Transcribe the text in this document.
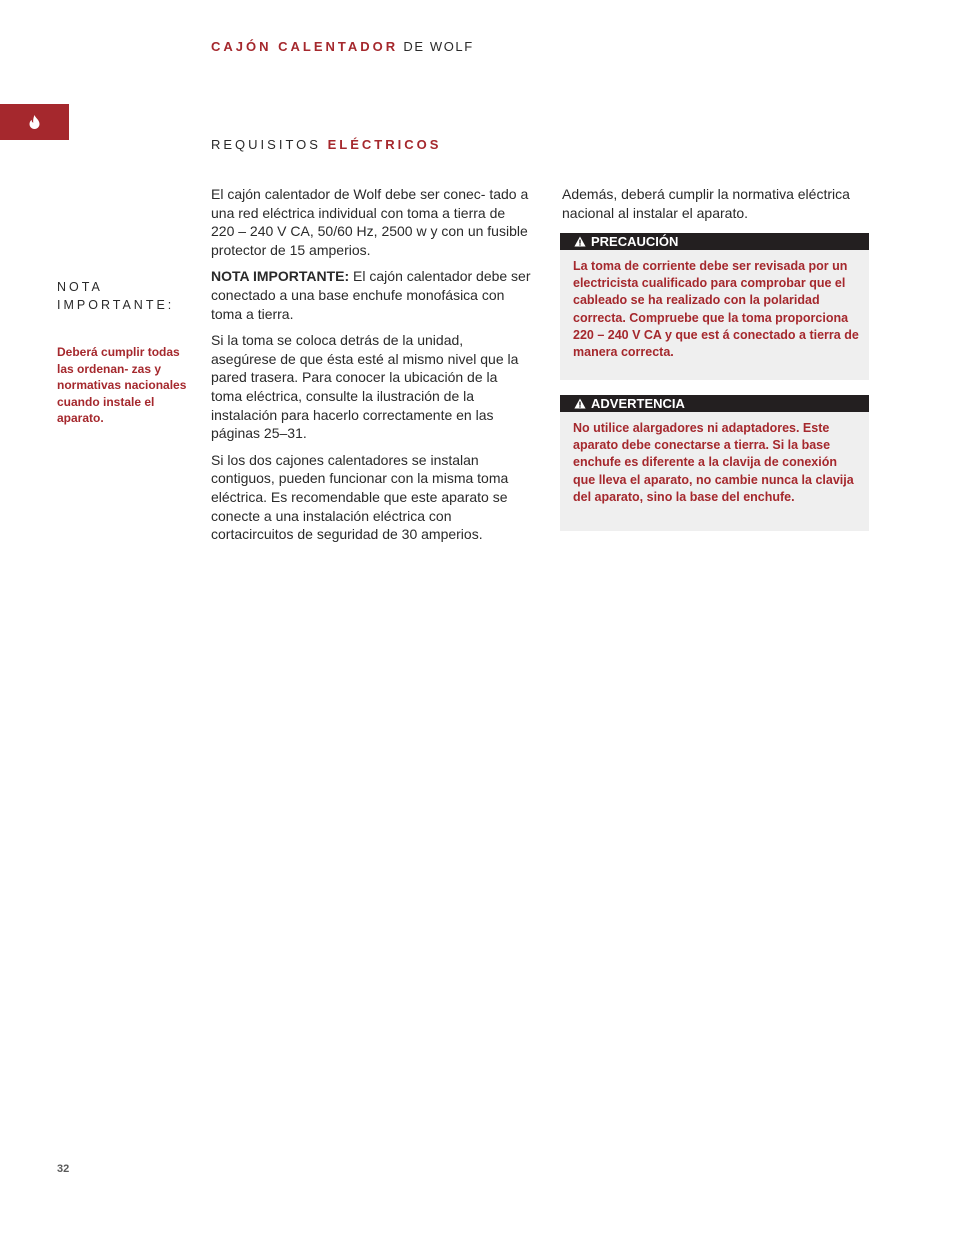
CAJÓN CALENTADOR DE WOLF
REQUISITOS ELÉCTRICOS
NOTA
IMPORTANTE:
Deberá cumplir todas las ordenan- zas y normativas nacionales cuando instale el aparato.

El cajón calentador de Wolf debe ser conec- tado a una red eléctrica individual con toma a tierra de 220 – 240 V CA, 50/60 Hz, 2500 w y con un fusible protector de 15 amperios.

NOTA IMPORTANTE: El cajón calentador debe ser conectado a una base enchufe monofásica con toma a tierra.

Si la toma se coloca detrás de la unidad, asegúrese de que ésta esté al mismo nivel que la pared trasera. Para conocer la ubicación de la toma eléctrica, consulte la ilustración de la instalación para hacerlo correctamente en las páginas 25–31.

Si los dos cajones calentadores se instalan contiguos, pueden funcionar con la misma toma eléctrica. Es recomendable que este aparato se conecte a una instalación eléctrica con cortacircuitos de seguridad de 30 amperios.

Además, deberá cumplir la normativa eléctrica nacional al instalar el aparato.

PRECAUCIÓN
La toma de corriente debe ser revisada por un electricista cualificado para comprobar que el cableado se ha realizado con la polaridad correcta. Compruebe que la toma proporciona 220 – 240 V CA y que est á conectado a tierra de manera correcta.
ADVERTENCIA
No utilice alargadores ni adaptadores. Este aparato debe conectarse a tierra. Si la base enchufe es diferente a la clavija de conexión que lleva el aparato, no cambie nunca la clavija del aparato, sino la base del enchufe.
32
